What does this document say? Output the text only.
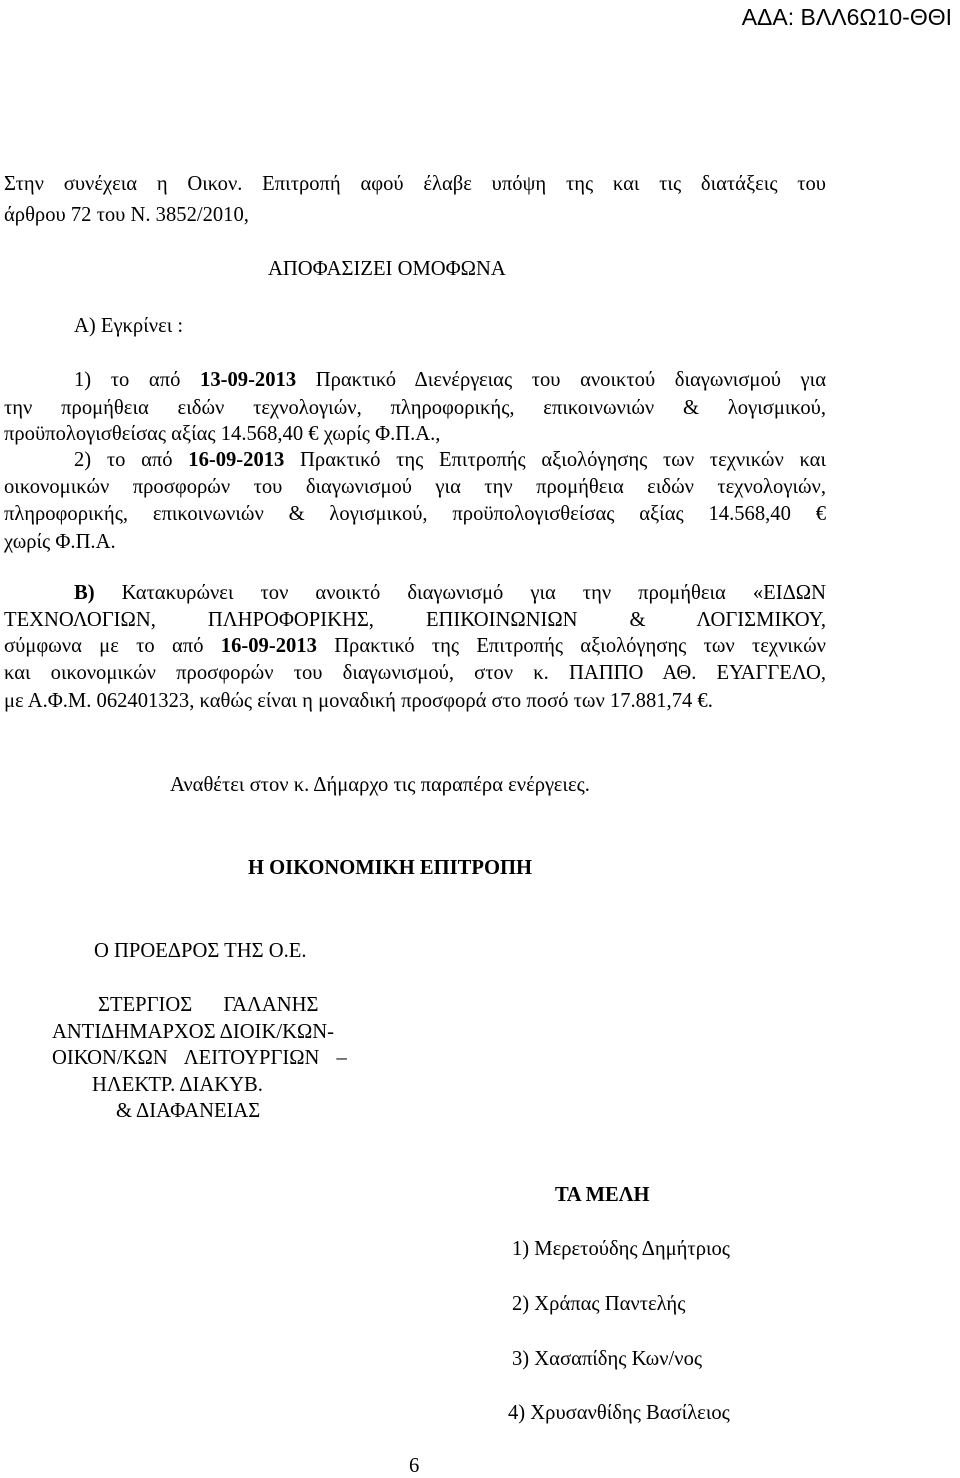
ΑΔΑ: ΒΛΛ6Ω10-ΘΘΙ
Στην συνέχεια η Οικον. Επιτροπή αφού έλαβε υπόψη της και τις διατάξεις του
άρθρου 72 του Ν. 3852/2010,
ΑΠΟΦΑΣΙΖΕΙ ΟΜΟΦΩΝΑ
Α) Εγκρίνει :
1) το από 13-09-2013 Πρακτικό Διενέργειας του ανοικτού διαγωνισμού για
την προμήθεια ειδών τεχνολογιών, πληροφορικής, επικοινωνιών & λογισμικού,
προϋπολογισθείσας αξίας 14.568,40 € χωρίς Φ.Π.Α.,
2) το από 16-09-2013 Πρακτικό της Επιτροπής αξιολόγησης των τεχνικών και
οικονομικών προσφορών του διαγωνισμού για την προμήθεια ειδών τεχνολογιών,
πληροφορικής, επικοινωνιών & λογισμικού, προϋπολογισθείσας αξίας 14.568,40 €
χωρίς Φ.Π.Α.
Β) Κατακυρώνει τον ανοικτό διαγωνισμό για την προμήθεια «ΕΙΔΩΝ
ΤΕΧΝΟΛΟΓΙΩΝ, ΠΛΗΡΟΦΟΡΙΚΗΣ, ΕΠΙΚΟΙΝΩΝΙΩΝ & ΛΟΓΙΣΜΙΚΟΥ,
σύμφωνα με το από 16-09-2013 Πρακτικό της Επιτροπής αξιολόγησης των τεχνικών
και οικονομικών προσφορών του διαγωνισμού, στον κ. ΠΑΠΠΟ ΑΘ. ΕΥΑΓΓΕΛΟ,
με Α.Φ.Μ. 062401323, καθώς είναι η μοναδική προσφορά στο ποσό των 17.881,74 €.
Αναθέτει στον κ. Δήμαρχο τις παραπέρα ενέργειες.
Η ΟΙΚΟΝΟΜΙΚΗ ΕΠΙΤΡΟΠΗ
Ο ΠΡΟΕΔΡΟΣ ΤΗΣ Ο.Ε.
ΣΤΕΡΓΙΟΣ ΓΑΛΑΝΗΣ
ΑΝΤΙΔΗΜΑΡΧΟΣ ΔΙΟΙΚ/ΚΩΝ-
ΟΙΚΟΝ/ΚΩΝ ΛΕΙΤΟΥΡΓΙΩΝ –
ΗΛΕΚΤΡ. ΔΙΑΚΥΒ.
& ΔΙΑΦΑΝΕΙΑΣ
ΤΑ ΜΕΛΗ
1) Μερετούδης Δημήτριος
2) Χράπας Παντελής
3) Χασαπίδης Κων/νος
4) Χρυσανθίδης Βασίλειος
6
